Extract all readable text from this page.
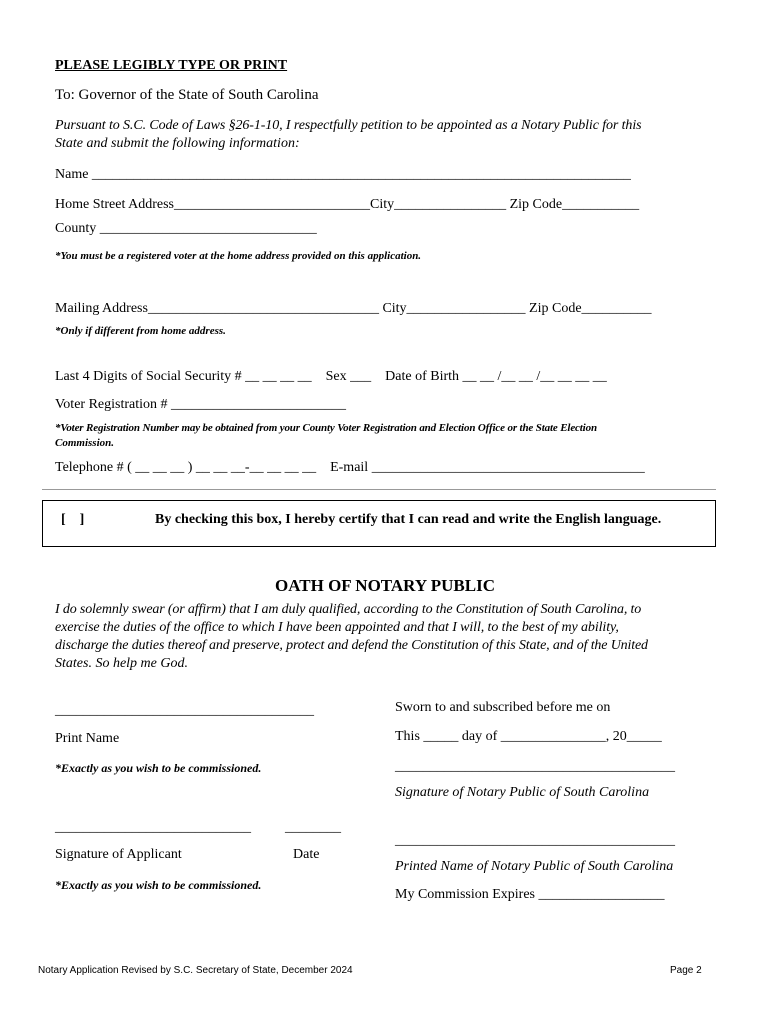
PLEASE LEGIBLY TYPE OR PRINT
To: Governor of the State of South Carolina
Pursuant to S.C. Code of Laws §26-1-10, I respectfully petition to be appointed as a Notary Public for this
State and submit the following information:
Name _____________________________________________________________________________
Home Street Address____________________________City________________ Zip Code___________
County _______________________________
*You must be a registered voter at the home address provided on this application.
Mailing Address_________________________________ City_________________ Zip Code__________
*Only if different from home address.
Last 4 Digits of Social Security # __ __ __ __    Sex ___    Date of Birth __ __ /__ __ /__ __ __ __
Voter Registration # _________________________
*Voter Registration Number may be obtained from your County Voter Registration and Election Office or the State Election
Commission.
Telephone # ( __ __ __ ) __ __ __-__ __ __ __    E-mail _______________________________________
[    ]	By checking this box, I hereby certify that I can read and write the English language.
OATH OF NOTARY PUBLIC
I do solemnly swear (or affirm) that I am duly qualified, according to the Constitution of South Carolina, to
exercise the duties of the office to which I have been appointed and that I will, to the best of my ability,
discharge the duties thereof and preserve, protect and defend the Constitution of this State, and of the United
States. So help me God.
_____________________________________
Print Name
*Exactly as you wish to be commissioned.
____________________________ ________
Signature of Applicant	Date
*Exactly as you wish to be commissioned.
Sworn to and subscribed before me on
This _____ day of _______________, 20_____
________________________________________
Signature of Notary Public of South Carolina
________________________________________
Printed Name of Notary Public of South Carolina
My Commission Expires __________________
Notary Application Revised by S.C. Secretary of State, December 2024	Page 2
